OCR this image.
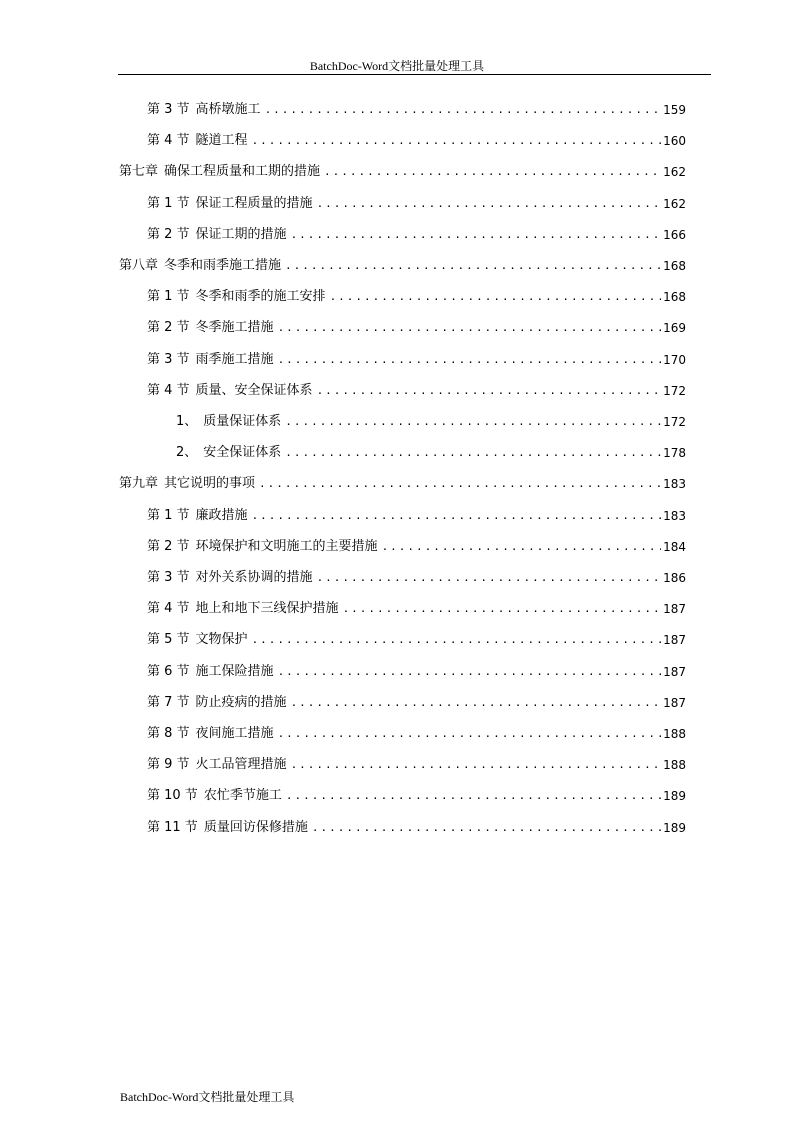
BatchDoc-Word文档批量处理工具
第 3 节 高桥墩施工 .....	159
第 4 节 隧道工程 .....	160
第七章 确保工程质量和工期的措施 .....	162
第 1 节 保证工程质量的措施 .....	162
第 2 节 保证工期的措施 .....	166
第八章 冬季和雨季施工措施 .....	168
第 1 节 冬季和雨季的施工安排 .....	168
第 2 节 冬季施工措施 .....	169
第 3 节 雨季施工措施 .....	170
第 4 节 质量、安全保证体系 .....	172
1、 质量保证体系 .....	172
2、 安全保证体系 .....	178
第九章 其它说明的事项 .....	183
第 1 节 廉政措施 .....	183
第 2 节 环境保护和文明施工的主要措施 .....	184
第 3 节 对外关系协调的措施 .....	186
第 4 节 地上和地下三线保护措施 .....	187
第 5 节 文物保护 .....	187
第 6 节 施工保险措施 .....	187
第 7 节 防止疫病的措施 .....	187
第 8 节 夜间施工措施 .....	188
第 9 节 火工品管理措施 .....	188
第 10 节 农忙季节施工 .....	189
第 11 节 质量回访保修措施 .....	189
BatchDoc-Word文档批量处理工具
